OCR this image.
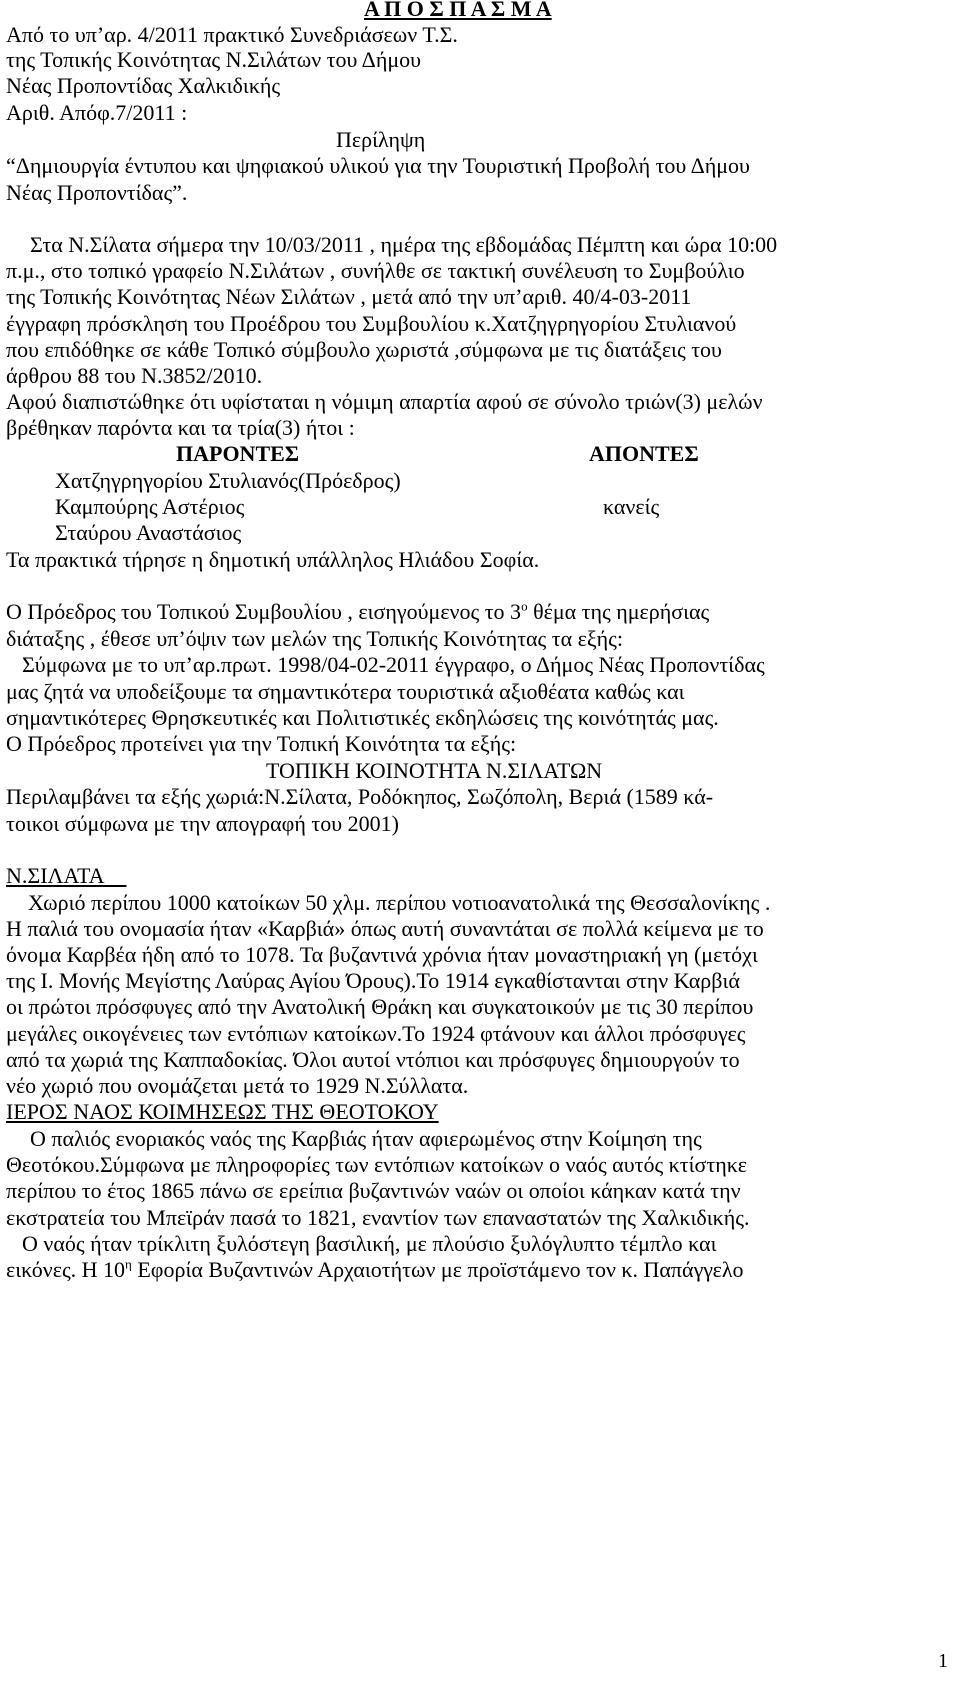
Α Π Ο Σ Π Α Σ Μ Α
Από το υπ’αρ. 4/2011 πρακτικό Συνεδριάσεων Τ.Σ.
της Τοπικής Κοινότητας Ν.Σιλάτων του Δήμου
Νέας Προποντίδας Χαλκιδικής
Αριθ. Απόφ.7/2011 :
Περίληψη
“Δημιουργία έντυπου και ψηφιακού υλικού για την Τουριστική Προβολή του Δήμου
Νέας Προποντίδας”.
Στα Ν.Σίλατα σήμερα την 10/03/2011 , ημέρα της εβδομάδας Πέμπτη και ώρα 10:00
π.μ., στο τοπικό γραφείο Ν.Σιλάτων , συνήλθε σε τακτική συνέλευση το Συμβούλιο
της Τοπικής Κοινότητας Νέων Σιλάτων , μετά από την υπ’αριθ. 40/4-03-2011
έγγραφη πρόσκληση του Προέδρου του Συμβουλίου κ.Χατζηγρηγορίου Στυλιανού
που επιδόθηκε σε κάθε Τοπικό σύμβουλο χωριστά ,σύμφωνα με τις διατάξεις του
άρθρου 88 του Ν.3852/2010.
Αφού διαπιστώθηκε ότι υφίσταται η νόμιμη απαρτία αφού σε σύνολο τριών(3) μελών
βρέθηκαν παρόντα και τα τρία(3) ήτοι :
ΠΑΡΟΝΤΕΣ	ΑΠΟΝΤΕΣ
Χατζηγρηγορίου Στυλιανός(Πρόεδρος)
Καμπούρης Αστέριος	κανείς
Σταύρου Αναστάσιος
Τα πρακτικά τήρησε η δημοτική υπάλληλος Ηλιάδου Σοφία.
Ο Πρόεδρος του Τοπικού Συμβουλίου , εισηγούμενος το $3^o$ θέμα της ημερήσιας
διάταξης , έθεσε υπ’όψιν των μελών της Τοπικής Κοινότητας τα εξής:
Σύμφωνα με το υπ’αρ.πρωτ. 1998/04-02-2011 έγγραφο, ο Δήμος Νέας Προποντίδας
μας ζητά να υποδείξουμε τα σημαντικότερα τουριστικά αξιοθέατα καθώς και
σημαντικότερες Θρησκευτικές και Πολιτιστικές εκδηλώσεις της κοινότητάς μας.
Ο Πρόεδρος προτείνει για την Τοπική Κοινότητα τα εξής:
ΤΟΠΙΚΗ ΚΟΙΝΟΤΗΤΑ Ν.ΣΙΛΑΤΩΝ
Περιλαμβάνει τα εξής χωριά:Ν.Σίλατα, Ροδόκηπος, Σωζόπολη, Βεριά (1589 κά-
τοικοι σύμφωνα με την απογραφή του 2001)
Ν.ΣΙΛΑΤΑ
Χωριό περίπου 1000 κατοίκων 50 χλμ. περίπου νοτιοανατολικά της Θεσσαλονίκης .
Η παλιά του ονομασία ήταν «Καρβιά» όπως αυτή συναντάται σε πολλά κείμενα με το
όνομα Καρβέα ήδη από το 1078. Τα βυζαντινά χρόνια ήταν μοναστηριακή γη (μετόχι
της Ι. Μονής Μεγίστης Λαύρας Αγίου Όρους).Το 1914 εγκαθίστανται στην Καρβιά
οι πρώτοι πρόσφυγες από την Ανατολική Θράκη και συγκατοικούν με τις 30 περίπου
μεγάλες οικογένειες των εντόπιων κατοίκων.Το 1924 φτάνουν και άλλοι πρόσφυγες
από τα χωριά της Καππαδοκίας. Όλοι αυτοί ντόπιοι και πρόσφυγες δημιουργούν το
νέο χωριό που ονομάζεται μετά το 1929 Ν.Σύλλατα.
ΙΕΡΟΣ ΝΑΟΣ ΚΟΙΜΗΣΕΩΣ ΤΗΣ ΘΕΟΤΟΚΟΥ
Ο παλιός ενοριακός ναός της Καρβιάς ήταν αφιερωμένος στην Κοίμηση της
Θεοτόκου.Σύμφωνα με πληροφορίες των εντόπιων κατοίκων ο ναός αυτός κτίστηκε
περίπου το έτος 1865 πάνω σε ερείπια βυζαντινών ναών οι οποίοι κάηκαν κατά την
εκστρατεία του Μπεϊράν πασά το 1821, εναντίον των επαναστατών της Χαλκιδικής.
Ο ναός ήταν τρίκλιτη ξυλόστεγη βασιλική, με πλούσιο ξυλόγλυπτο τέμπλο και
εικόνες. Η $10^\eta$ Εφορία Βυζαντινών Αρχαιοτήτων με προϊστάμενο τον κ. Παπάγγελο
1
